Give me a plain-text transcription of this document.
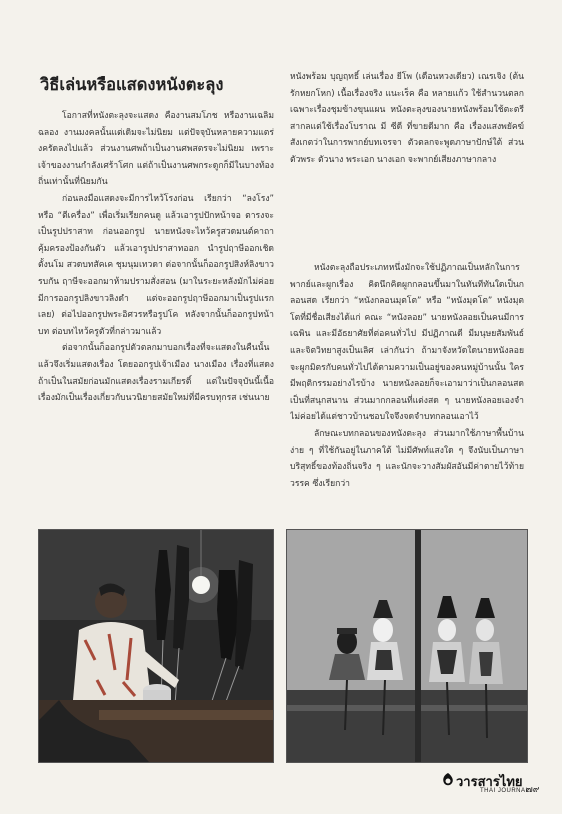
วิธีเล่นหรือแสดงหนังตะลุง

โอกาสที่หนังตะลุงจะแสดง คืองานสมโภช หรืองานเฉลิมฉลอง งานมงคลนั้นแต่เดิมจะไม่นิยม แต่ปัจจุบันหลายความแตร่งครัดลงไปแล้ว ส่วนงานศพถ้าเป็นงานศพสตรจะไม่นิยม เพราะเจ้าของงานกำลังเศร้าโศก แต่ถ้าเป็นงานศพกระดูกก็มีในบางท้องถิ่นเท่านั้นที่นิยมกัน

ก่อนลงมือแสดงจะมีการไหว้โรงก่อน เรียกว่า “ลงโรง” หรือ “ตีเครื่อง” เพื่อเริ่มเรียกคนดู แล้วเอารูปปักหน้าจอ ตารงจะเป็นรูปปราสาท ก่อนออกรูป นายหนังจะไหว้ครูสวดมนต์คาถาคุ้มครองป้องกันตัว แล้วเอารูปปราสาทออก นำรูปฤาษีออกเชิด ตั้งนโม สวดบทสัคเค ชุมนุมเทวดา ต่อจากนั้นก็ออกรูปสิงห์ลิงขาวรบกัน ฤาษีจะออกมาห้ามปรามสั่งสอน (มาในระยะหลังมักไม่ค่อยมีการออกรูปลิงขาวลิงดำ แต่จะออกรูปฤาษีออกมาเป็นรูปแรกเลย) ต่อไปออกรูปพระอิศวรหรือรูปโค หลังจากนั้นก็ออกรูปหน้าบท ต่อบทไหว้ครูตัวที่กล่าวมาแล้ว

ต่อจากนั้นก็ออกรูปตัวตลกมาบอกเรื่องที่จะแสดงในคืนนั้น แล้วจึงเริ่มแสดงเรื่อง โดยออกรูปเจ้าเมือง นางเมือง เรื่องที่แสดงถ้าเป็นในสมัยก่อนมักแสดงเรื่องรามเกียรติ์ แต่ในปัจจุบันนี้เนื้อเรื่องมักเป็นเรื่องเกี่ยวกับนวนิยายสมัยใหม่ที่มีครบทุกรส เช่นนาย

หนังพร้อม บุญฤทธิ์ เล่นเรื่อง ยีโพ (เดือนหวงเดียว) เณรเจิง (ต้นรักหยกโหก) เนื้อเรื่องจริง แนะเร็ค คือ หลายแก้ว ใช้สำนวนตลกเฉพาะเรื่องชุมข้างขุนแผน หนังตะลุงของนายหนังพร้อมใช้ตะตรีสากลแต่ใช้เรื่องโบราณ มี ซีดี ที่ขายดีมาก คือ เรื่องแสงพยัคฆ์ สังเกตว่าในการพากย์บทเจรจา ตัวตลกจะพูดภาษาปักษ์ใต้ ส่วนตัวพระ ตัวนาง พระเอก นางเอก จะพากย์เสียงภาษากลาง

หนังตะลุงถือประเภทหนึ่งมักจะใช้ปฏิภาณเป็นหลักในการพากย์และผูกเรื่อง คิดนึกคิดผูกกลอนขึ้นมาในทันทีทันใดเป็นกลอนสด เรียกว่า “หนังกลอนมุตโต” หรือ “หนังมุตโต” หนังมุตโตที่มีชื่อเสียงได้แก่ คณะ “หนังลอย” นายหนังลอยเป็นคนมีการเฉพิน และมีอัธยาศัยที่ต่อคนทั่วไป มีปฏิภาณดี มีมนุษยสัมพันธ์ และจิตวิทยาสูงเป็นเลิศ เล่ากันว่า ถ้ามาจังหวัดใดนายหนังลอยจะผูกมิตรกับคนทั่วไปได้ตามความเป็นอยู่ของคนหมู่บ้านนั้น ใครมีพฤติกรรมอย่างไรบ้าง นายหนังลอยก็จะเอามาว่าเป็นกลอนสดเป็นที่สนุกสนาน ส่วนมากกลอนที่แต่งสด ๆ นายหนังลอยเองจำไม่ค่อยได้แต่ชาวบ้านชอบใจจึงจดจำบทกลอนเอาไว้

ลักษณะบทกลอนของหนังตะลุง ส่วนมากใช้ภาษาพื้นบ้านง่าย ๆ ที่ใช้กันอยู่ในภาคใต้ ไม่มีศัพท์แสงใด ๆ จึงนับเป็นภาษาบริสุทธิ์ของท้องถิ่นจริง ๆ และนักจะวางสัมผัสอันมีค่าตายไว้ท้ายวรรค ซึ่งเรียกว่า

วารสารไทย
THAI JOURNAL
๗๙
